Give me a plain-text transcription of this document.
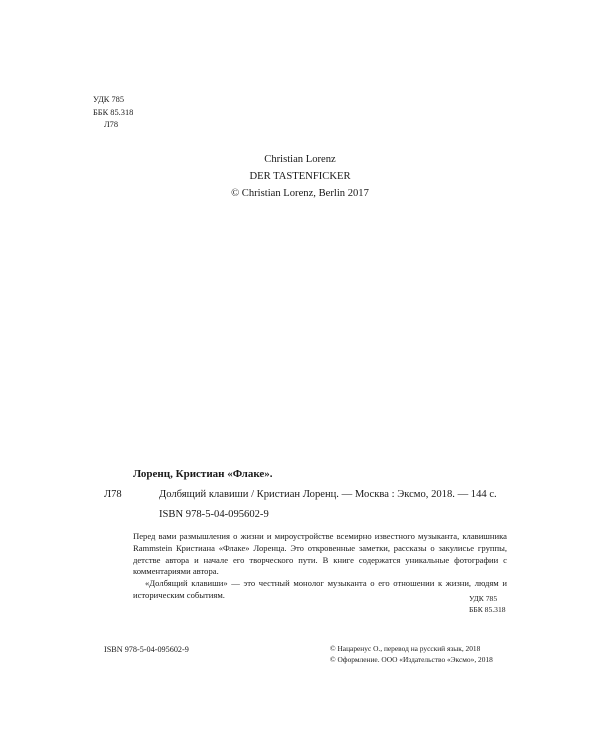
УДК 785
ББК 85.318
Л78
Christian Lorenz
DER TASTENFICKER
© Christian Lorenz, Berlin 2017
Лоренц, Кристиан «Флаке».
Л78	Долбящий клавиши / Кристиан Лоренц. — Москва : Эксмо, 2018. — 144 с.
ISBN 978-5-04-095602-9

Перед вами размышления о жизни и мироустройстве всемирно известного музыканта, клавишника Rammstein Кристиана «Флаке» Лоренца. Это откровенные заметки, рассказы о закулисье группы, детстве автора и начале его творческого пути. В книге содержатся уникальные фотографии с комментариями автора.

«Долбящий клавиши» — это честный монолог музыканта о его отношении к жизни, людям и историческим событиям.	УДК 785
ББК 85.318
ISBN 978-5-04-095602-9	© Нацаренус О., перевод на русский язык, 2018
© Оформление. ООО «Издательство «Эксмо», 2018
